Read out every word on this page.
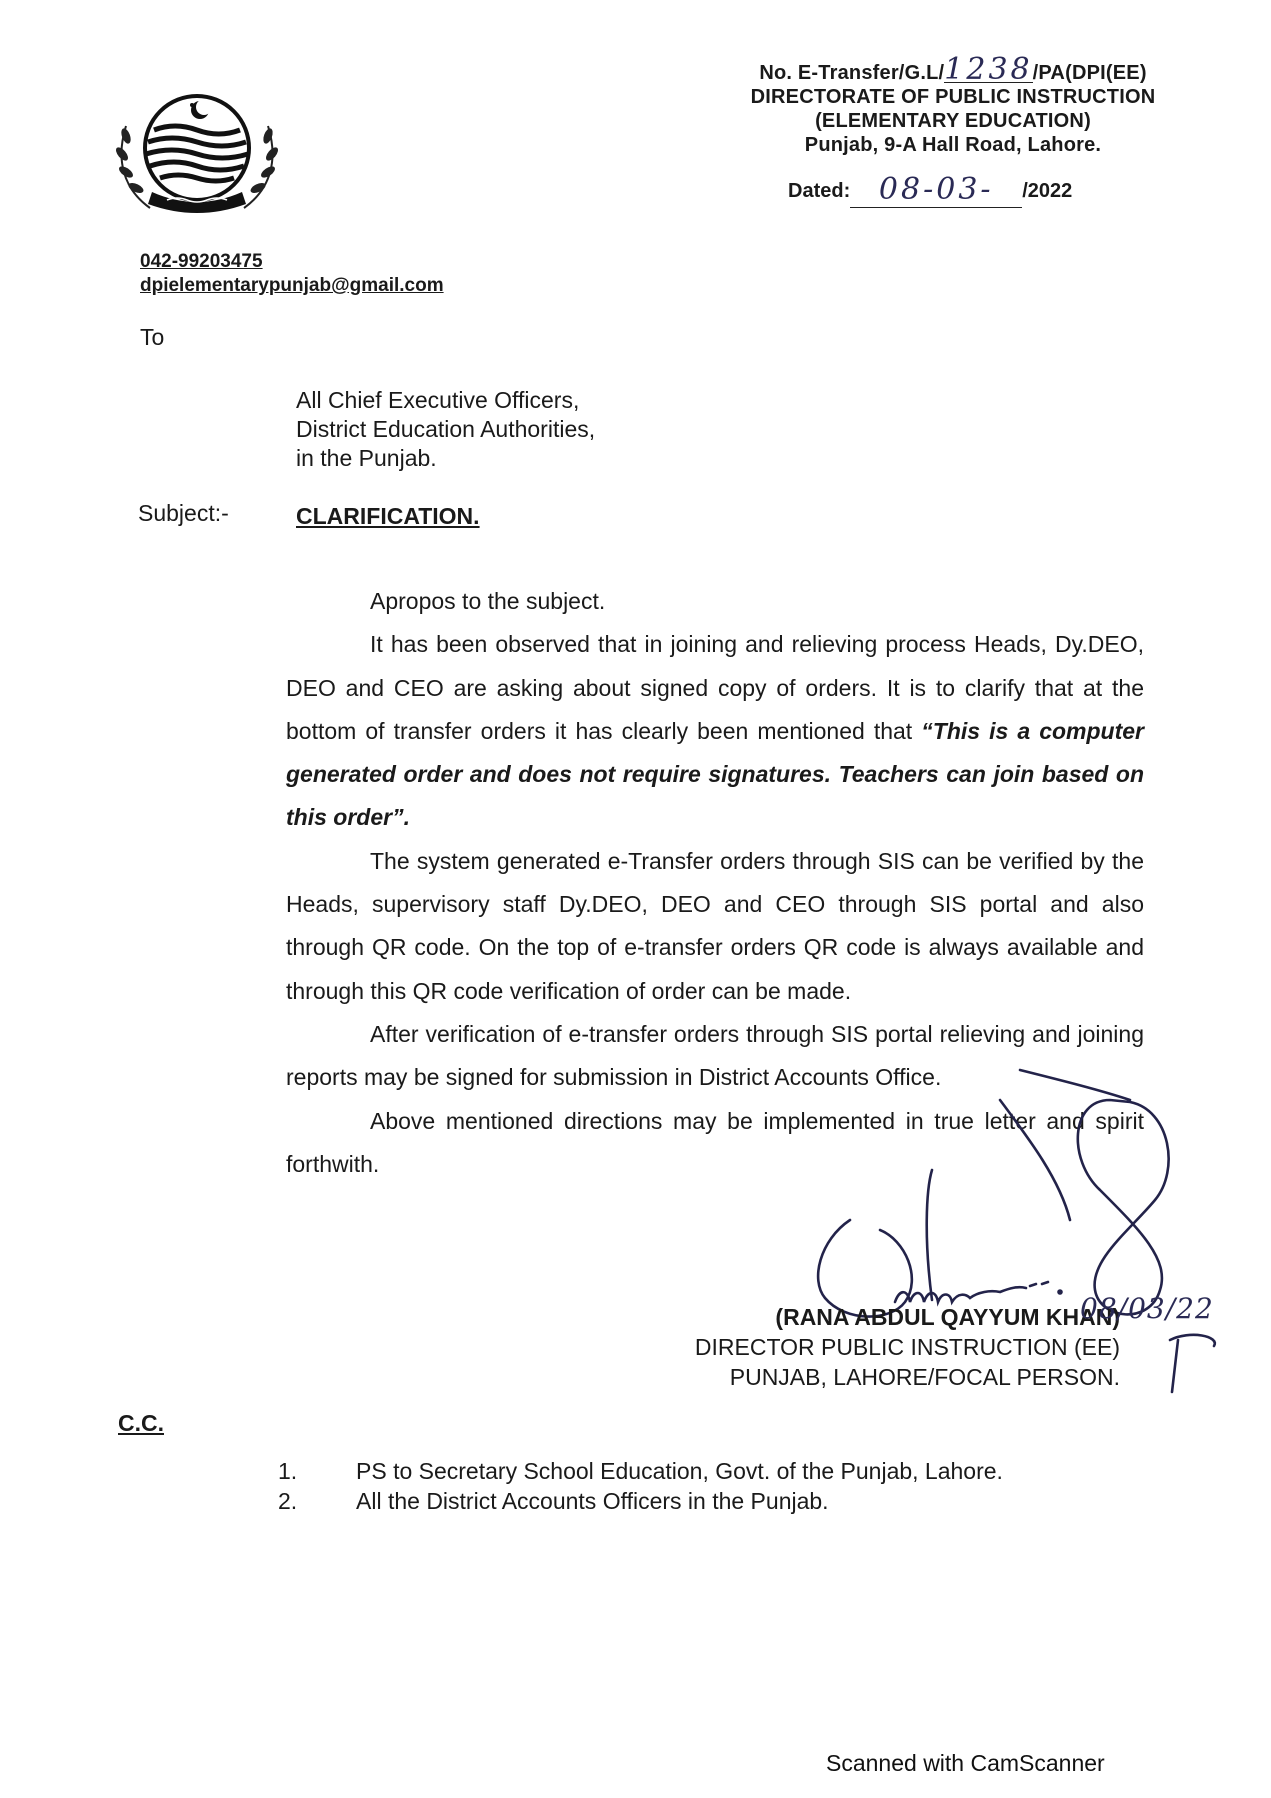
No. E-Transfer/G.L/1238/PA(DPI(EE)
DIRECTORATE OF PUBLIC INSTRUCTION
(ELEMENTARY EDUCATION)
Punjab, 9-A Hall Road, Lahore.
Dated: 08-03- /2022
042-99203475
dpielementarypunjab@gmail.com
To
All Chief Executive Officers,
District Education Authorities,
in the Punjab.
Subject:-	CLARIFICATION.

Apropos to the subject.

It has been observed that in joining and relieving process Heads, Dy.DEO, DEO and CEO are asking about signed copy of orders. It is to clarify that at the bottom of transfer orders it has clearly been mentioned that “This is a computer generated order and does not require signatures. Teachers can join based on this order”.

The system generated e-Transfer orders through SIS can be verified by the Heads, supervisory staff Dy.DEO, DEO and CEO through SIS portal and also through QR code. On the top of e-transfer orders QR code is always available and through this QR code verification of order can be made.

After verification of e-transfer orders through SIS portal relieving and joining reports may be signed for submission in District Accounts Office.

Above mentioned directions may be implemented in true letter and spirit forthwith.

(RANA ABDUL QAYYUM KHAN)
DIRECTOR PUBLIC INSTRUCTION (EE)
PUNJAB, LAHORE/FOCAL PERSON.
08/03/22
C.C.
1.	PS to Secretary School Education, Govt. of the Punjab, Lahore.
2.	All the District Accounts Officers in the Punjab.
Scanned with CamScanner
